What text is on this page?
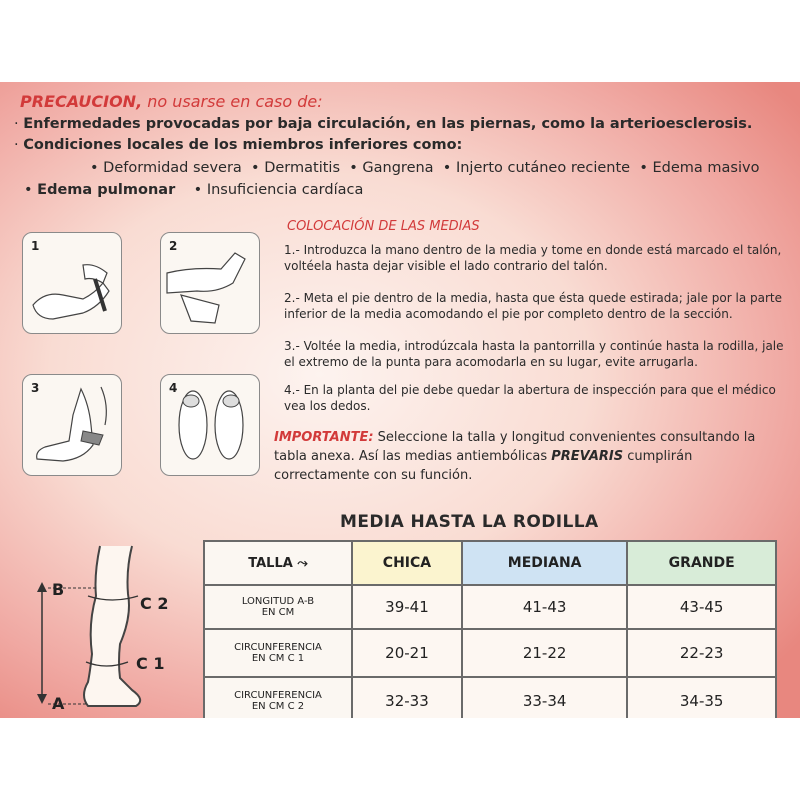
PRECAUCION, no usarse en caso de:
· Enfermedades provocadas por baja circulación, en las piernas, como la arterioesclerosis.
· Condiciones locales de los miembros inferiores como:
• Deformidad severa  • Dermatitis  • Gangrena  • Injerto cutáneo reciente  • Edema masivo
• Edema pulmonar    • Insuficiencia cardíaca
COLOCACIÓN DE LAS MEDIAS
1	2
3	4
1.- Introduzca la mano dentro de la media y tome en donde está marcado el talón, voltéela hasta dejar visible el lado contrario del talón.
2.- Meta el pie dentro de la media, hasta que ésta quede estirada; jale por la parte inferior de la media acomodando el pie por completo dentro de la sección.
3.- Voltée la media, introdúzcala hasta la pantorrilla y continúe hasta la rodilla, jale el extremo de la punta para acomodarla en su lugar, evite arrugarla.
4.- En la planta del pie debe quedar la abertura de inspección para que el médico vea los dedos.
IMPORTANTE: Seleccione la talla y longitud convenientes consultando la tabla anexa. Así las medias antiembólicas PREVARIS cumplirán correctamente con su función.
MEDIA HASTA LA RODILLA
B
A
C 2
C 1
TALLA ⤳	CHICA	MEDIANA	GRANDE
LONGITUD A-B
EN CM	39-41	41-43	43-45
CIRCUNFERENCIA
EN CM C 1	20-21	21-22	22-23
CIRCUNFERENCIA
EN CM C 2	32-33	33-34	34-35
